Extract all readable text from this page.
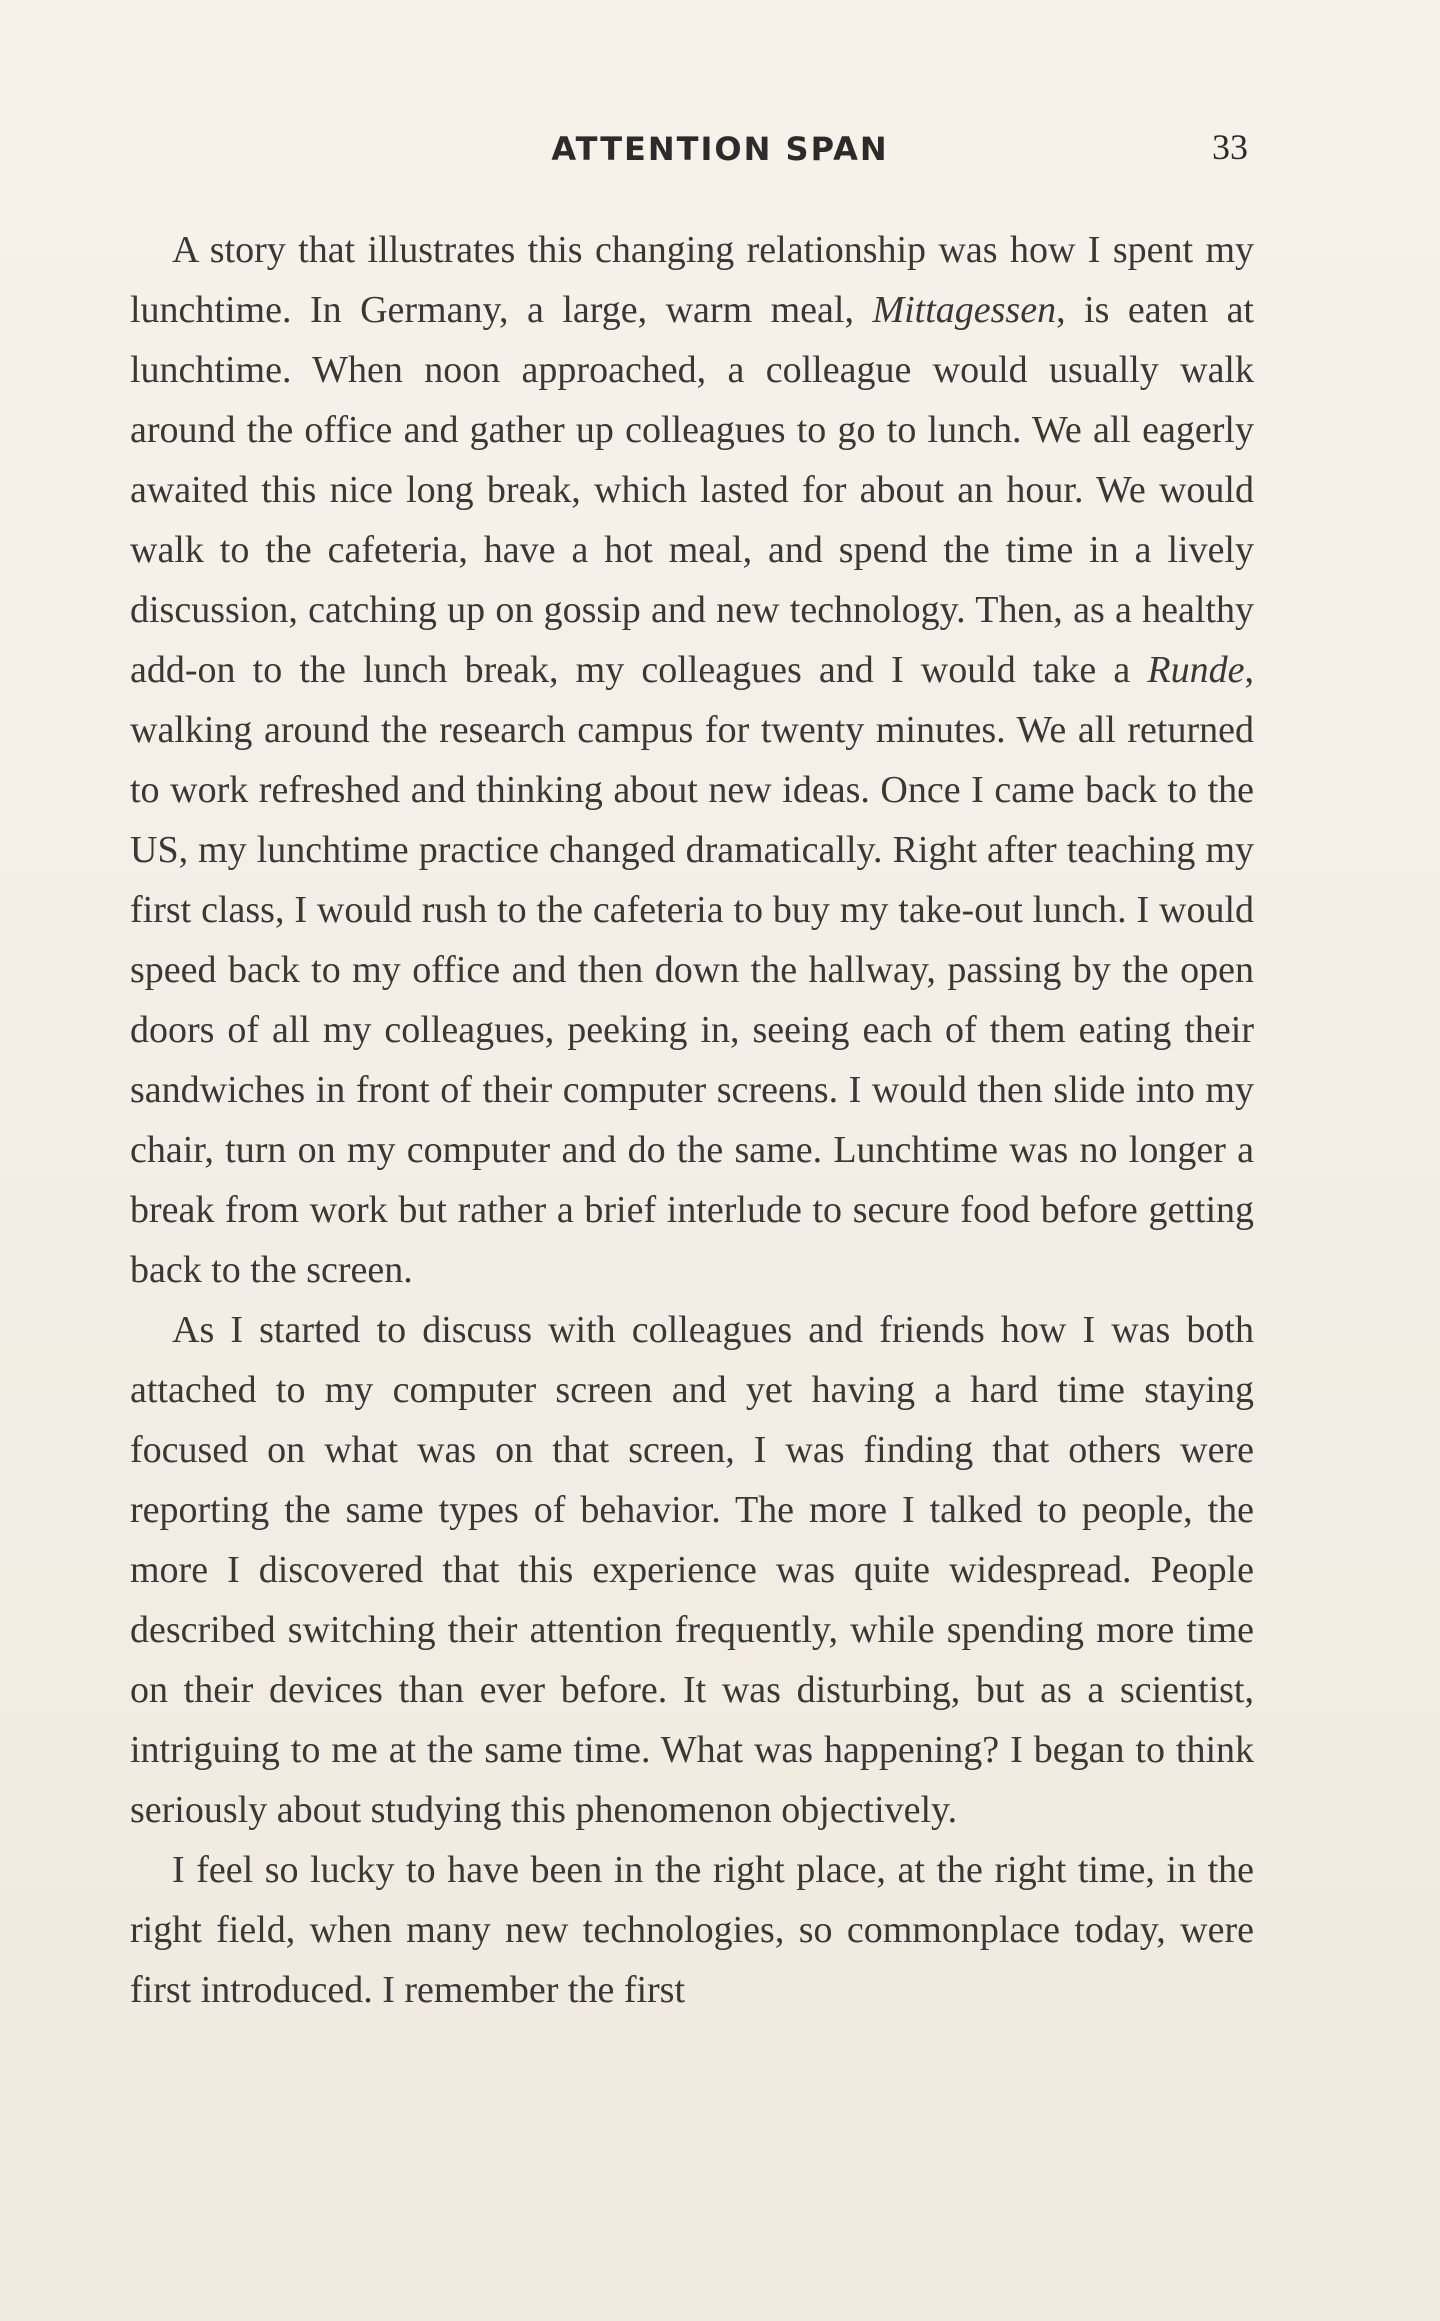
ATTENTION SPAN	33

A story that illustrates this changing relationship was how I spent my lunchtime. In Germany, a large, warm meal, Mittagessen, is eaten at lunchtime. When noon approached, a colleague would usually walk around the office and gather up colleagues to go to lunch. We all eagerly awaited this nice long break, which lasted for about an hour. We would walk to the cafeteria, have a hot meal, and spend the time in a lively discussion, catching up on gossip and new technology. Then, as a healthy add-on to the lunch break, my colleagues and I would take a Runde, walking around the research campus for twenty minutes. We all returned to work refreshed and thinking about new ideas. Once I came back to the US, my lunchtime practice changed dramatically. Right after teaching my first class, I would rush to the cafeteria to buy my take-out lunch. I would speed back to my office and then down the hallway, passing by the open doors of all my colleagues, peeking in, seeing each of them eating their sandwiches in front of their computer screens. I would then slide into my chair, turn on my computer and do the same. Lunchtime was no longer a break from work but rather a brief interlude to secure food before getting back to the screen.

As I started to discuss with colleagues and friends how I was both attached to my computer screen and yet having a hard time staying focused on what was on that screen, I was finding that others were reporting the same types of behavior. The more I talked to people, the more I discovered that this experience was quite widespread. People described switching their attention frequently, while spending more time on their devices than ever before. It was disturbing, but as a scientist, intriguing to me at the same time. What was happening? I began to think seriously about studying this phenomenon objectively.

I feel so lucky to have been in the right place, at the right time, in the right field, when many new technologies, so commonplace today, were first introduced. I remember the first
